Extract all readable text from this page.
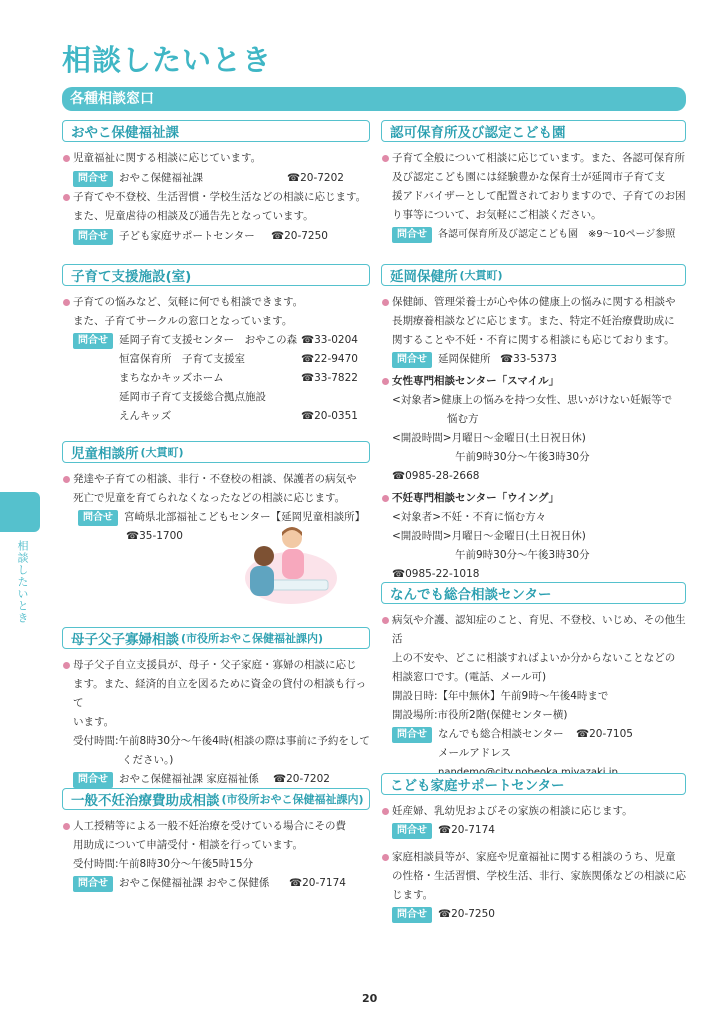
相談したいとき
各種相談窓口
相談したいとき
おやこ保健福祉課
児童福祉に関する相談に応じています。
問合せ	おやこ保健福祉課	☎20-7202
子育てや不登校、生活習慣・学校生活などの相談に応じます。
また、児童虐待の相談及び通告先となっています。
問合せ	子ども家庭サポートセンター	☎20-7250
子育て支援施設(室)
子育ての悩みなど、気軽に何でも相談できます。
また、子育てサークルの窓口となっています。
問合せ	延岡子育て支援センター　おやこの森 ☎33-0204
恒富保育所　子育て支援室	☎22-9470
まちなかキッズホーム	☎33-7822
延岡市子育て支援総合拠点施設
えんキッズ	☎20-0351
児童相談所 (大貫町)
発達や子育ての相談、非行・不登校の相談、保護者の病気や
死亡で児童を育てられなくなったなどの相談に応じます。
問合せ	宮崎県北部福祉こどもセンター【延岡児童相談所】
☎35-1700
母子父子寡婦相談 (市役所おやこ保健福祉課内)
母子父子自立支援員が、母子・父子家庭・寡婦の相談に応じ
ます。また、経済的自立を図るために資金の貸付の相談も行って
います。
受付時間:午前8時30分～午後4時(相談の際は事前に予約をして
ください。)
問合せ	おやこ保健福祉課 家庭福祉係	☎20-7202
一般不妊治療費助成相談 (市役所おやこ保健福祉課内)
人工授精等による一般不妊治療を受けている場合にその費
用助成について申請受付・相談を行っています。
受付時間:午前8時30分～午後5時15分
問合せ	おやこ保健福祉課 おやこ保健係	☎20-7174
認可保育所及び認定こども園
子育て全般について相談に応じています。また、各認可保育所
及び認定こども園には経験豊かな保育士が延岡市子育て支
援アドバイザーとして配置されておりますので、子育てのお困
り事等について、お気軽にご相談ください。
問合せ	各認可保育所及び認定こども園　※9～10ページ参照
延岡保健所 (大貫町)
保健師、管理栄養士が心や体の健康上の悩みに関する相談や
長期療養相談などに応じます。また、特定不妊治療費助成に
関することや不妊・不育に関する相談にも応じております。
問合せ	延岡保健所 ☎33-5373
女性専門相談センター「スマイル」
<対象者>健康上の悩みを持つ女性、思いがけない妊娠等で
悩む方
<開設時間>月曜日～金曜日(土日祝日休)
午前9時30分～午後3時30分
☎0985-28-2668
不妊専門相談センター「ウイング」
<対象者>不妊・不育に悩む方々
<開設時間>月曜日～金曜日(土日祝日休)
午前9時30分～午後3時30分
☎0985-22-1018
なんでも総合相談センター
病気や介護、認知症のこと、育児、不登校、いじめ、その他生活
上の不安や、どこに相談すればよいか分からないことなどの
相談窓口です。(電話、メール可)
開設日時:【年中無休】午前9時～午後4時まで
開設場所:市役所2階(保健センター横)
問合せ	なんでも総合相談センター	☎20-7105
メールアドレス
こども家庭サポートセンター
妊産婦、乳幼児およびその家族の相談に応じます。
問合せ	☎20-7174
家庭相談員等が、家庭や児童福祉に関する相談のうち、児童
の性格・生活習慣、学校生活、非行、家族関係などの相談に応
じます。
問合せ	☎20-7250
20
